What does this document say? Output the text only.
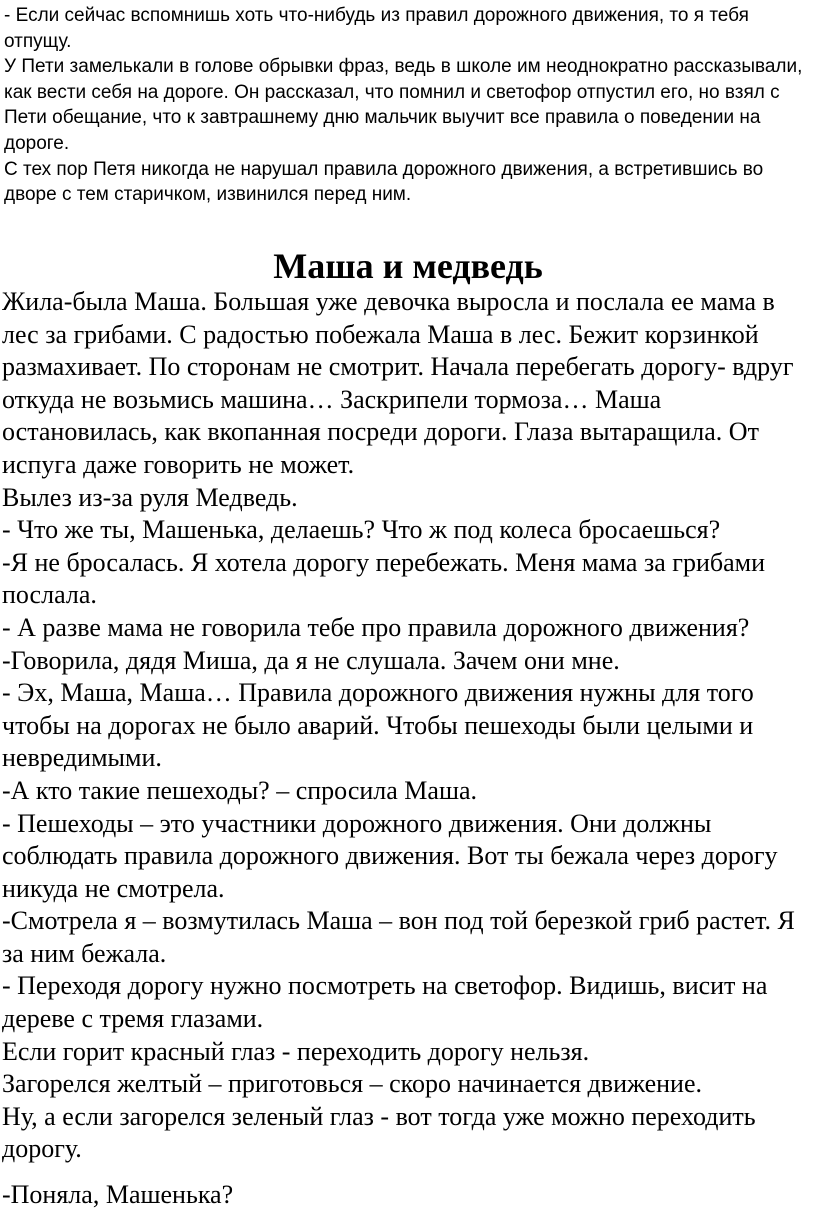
- Если сейчас вспомнишь хоть что-нибудь из правил дорожного движения, то я тебя отпущу.

У Пети замелькали в голове обрывки фраз, ведь в школе им неоднократно рассказывали, как вести себя на дороге. Он рассказал, что помнил и светофор отпустил его, но взял с Пети обещание, что к завтрашнему дню мальчик выучит все правила о поведении на дороге.

С тех пор Петя никогда не нарушал правила дорожного движения, а встретившись во дворе с тем старичком, извинился перед ним.

Маша и медведь

Жила-была Маша. Большая уже девочка выросла и послала ее мама в лес за грибами. С радостью побежала Маша в лес. Бежит корзинкой размахивает. По сторонам не смотрит. Начала перебегать дорогу- вдруг откуда не возьмись машина… Заскрипели тормоза… Маша остановилась, как вкопанная посреди дороги. Глаза вытаращила. От испуга даже говорить не может.

Вылез из-за руля Медведь.

- Что же ты, Машенька, делаешь? Что ж под колеса бросаешься?

-Я не бросалась. Я хотела дорогу перебежать. Меня мама за грибами послала.

- А разве мама не говорила тебе про правила дорожного движения?

-Говорила, дядя Миша, да я не слушала. Зачем они мне.

- Эх, Маша, Маша… Правила дорожного движения нужны для того чтобы на дорогах не было аварий. Чтобы пешеходы были целыми и невредимыми.

-А кто такие пешеходы? – спросила Маша.

- Пешеходы – это участники дорожного движения. Они должны соблюдать правила дорожного движения. Вот ты бежала через дорогу никуда не смотрела.

-Смотрела я – возмутилась Маша – вон под той березкой гриб растет. Я за ним бежала.

- Переходя дорогу нужно посмотреть на светофор. Видишь, висит на дереве с тремя глазами.

Если горит красный глаз - переходить дорогу нельзя.

Загорелся желтый – приготовься – скоро начинается движение.

Ну, а если загорелся зеленый глаз - вот тогда уже можно переходить дорогу.

-Поняла, Машенька?
